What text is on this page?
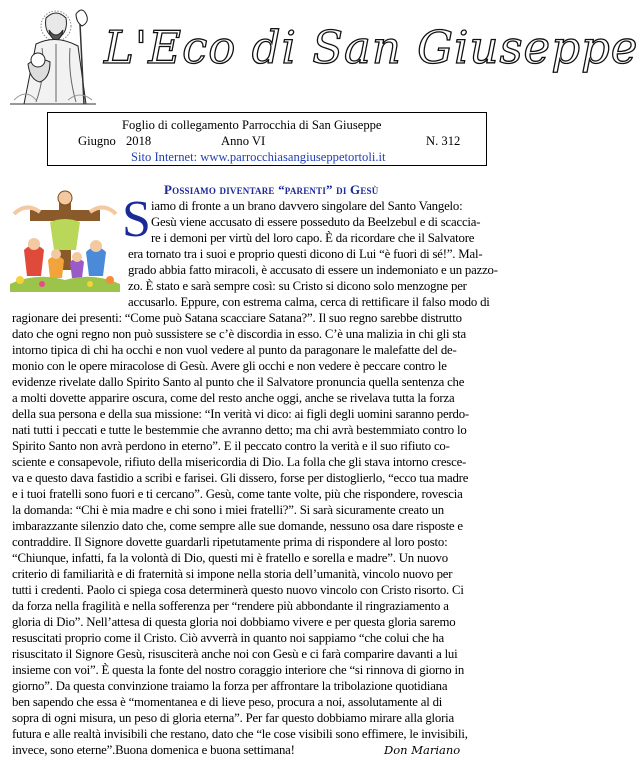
L'Eco di San Giuseppe
Foglio di collegamento Parrocchia di San Giuseppe
Giugno 2018	Anno VI	N. 312
Sito Internet: www.parrocchiasangiuseppetortoli.it
Possiamo diventare “parenti” di Gesù
S iamo di fronte a un brano davvero singolare del Santo Vangelo:

Gesù viene accusato di essere posseduto da Beelzebul e di scaccia-

re i demoni per virtù del loro capo. È da ricordare che il Salvatore

era tornato tra i suoi e proprio questi dicono di Lui “è fuori di sé!”. Mal-

grado abbia fatto miracoli, è accusato di essere un indemoniato e un pazzo-

zo. È stato e sarà sempre così: su Cristo si dicono solo menzogne per

accusarlo. Eppure, con estrema calma, cerca di rettificare il falso modo di

ragionare dei presenti: “Come può Satana scacciare Satana?”. Il suo regno sarebbe distrutto

dato che ogni regno non può sussistere se c’è discordia in esso. C’è una malizia in chi gli sta

intorno tipica di chi ha occhi e non vuol vedere al punto da paragonare le malefatte del de-

monio con le opere miracolose di Gesù. Avere gli occhi e non vedere è peccare contro le

evidenze rivelate dallo Spirito Santo al punto che il Salvatore pronuncia quella sentenza che

a molti dovette apparire oscura, come del resto anche oggi, anche se rivelava tutta la forza

della sua persona e della sua missione: “In verità vi dico: ai figli degli uomini saranno perdo-

nati tutti i peccati e tutte le bestemmie che avranno detto; ma chi avrà bestemmiato contro lo

Spirito Santo non avrà perdono in eterno”. E il peccato contro la verità e il suo rifiuto co-

sciente e consapevole, rifiuto della misericordia di Dio. La folla che gli stava intorno cresce-

va e questo dava fastidio a scribi e farisei. Gli dissero, forse per distoglierlo, “ecco tua madre

e i tuoi fratelli sono fuori e ti cercano”. Gesù, come tante volte, più che rispondere, rovescia

la domanda: “Chi è mia madre e chi sono i miei fratelli?”. Si sarà sicuramente creato un

imbarazzante silenzio dato che, come sempre alle sue domande, nessuno osa dare risposte e

contraddire. Il Signore dovette guardarli ripetutamente prima di rispondere al loro posto:

“Chiunque, infatti, fa la volontà di Dio, questi mi è fratello e sorella e madre”. Un nuovo

criterio di familiarità e di fraternità si impone nella storia dell’umanità, vincolo nuovo per

tutti i credenti. Paolo ci spiega cosa determinerà questo nuovo vincolo con Cristo risorto. Ci

da forza nella fragilità e nella sofferenza per “rendere più abbondante il ringraziamento a

gloria di Dio”. Nell’attesa di questa gloria noi dobbiamo vivere e per questa gloria saremo

resuscitati proprio come il Cristo. Ciò avverrà in quanto noi sappiamo “che colui che ha

risuscitato il Signore Gesù, risusciterà anche noi con Gesù e ci farà comparire davanti a lui

insieme con voi”. È questa la fonte del nostro coraggio interiore che “si rinnova di giorno in

giorno”. Da questa convinzione traiamo la forza per affrontare la tribolazione quotidiana

ben sapendo che essa è “momentanea e di lieve peso, procura a noi, assolutamente al di

sopra di ogni misura, un peso di gloria eterna”. Per far questo dobbiamo mirare alla gloria

futura e alle realtà invisibili che restano, dato che “le cose visibili sono effimere, le invisibili,

invece, sono eterne”.Buona domenica e buona settimana!	Don Mariano
